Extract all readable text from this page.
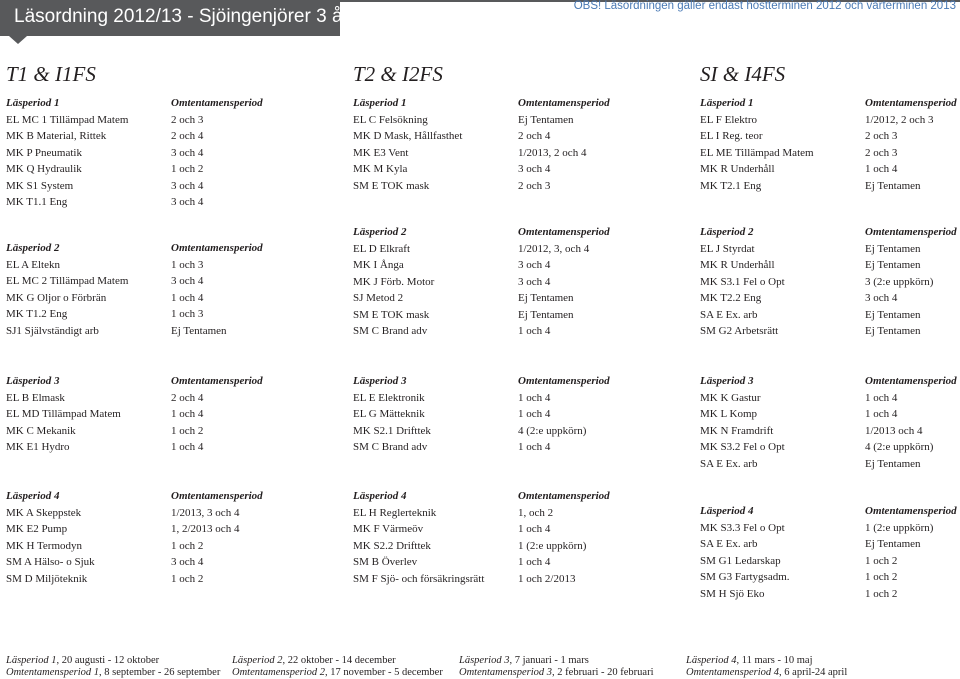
Läsordning 2012/13 - Sjöingenjörer 3 år	OBS! Läsordningen gäller endast höstterminen 2012 och vårterminen 2013
T1 & I1FS
Läsperiod 1	Omtentamensperiod
EL MC 1 Tillämpad Matem	2 och 3
MK B Material, Rittek	2 och 4
MK P Pneumatik	3 och 4
MK Q Hydraulik	1 och 2
MK S1 System	3 och 4
MK T1.1 Eng	3 och 4
Läsperiod 2	Omtentamensperiod
EL A Eltekn	1 och 3
EL MC 2 Tillämpad Matem	3 och 4
MK G Oljor o Förbrän	1 och 4
MK T1.2 Eng	1 och 3
SJ1 Självständigt arb	Ej Tentamen
Läsperiod 3	Omtentamensperiod
EL B Elmask	2 och 4
EL MD Tillämpad Matem	1 och 4
MK C Mekanik	1 och 2
MK E1 Hydro	1 och 4
Läsperiod 4	Omtentamensperiod
MK A Skeppstek	1/2013, 3 och 4
MK E2 Pump	1, 2/2013 och 4
MK H Termodyn	1 och 2
SM A Hälso- o Sjuk	3 och 4
SM D Miljöteknik	1 och 2
T2 & I2FS
Läsperiod 1	Omtentamensperiod
EL C Felsökning	Ej Tentamen
MK D Mask, Hållfasthet	2 och 4
MK E3 Vent	1/2013, 2 och 4
MK M Kyla	3 och 4
SM E TOK mask	2 och 3
Läsperiod 2	Omtentamensperiod
EL D Elkraft	1/2012, 3, och 4
MK I Ånga	3 och 4
MK J Förb. Motor	3 och 4
SJ Metod 2	Ej Tentamen
SM E TOK mask	Ej Tentamen
SM C Brand adv	1 och 4
Läsperiod 3	Omtentamensperiod
EL E Elektronik	1 och 4
EL G Mätteknik	1 och 4
MK S2.1 Drifttek	4 (2:e uppkörn)
SM C Brand adv	1 och 4
Läsperiod 4	Omtentamensperiod
EL H Reglerteknik	1, och 2
MK F Värmeöv	1 och 4
MK S2.2 Drifttek	1 (2:e uppkörn)
SM B Överlev	1 och 4
SM F Sjö- och försäkringsrätt	1 och 2/2013
SI & I4FS
Läsperiod 1	Omtentamensperiod
EL F Elektro	1/2012, 2 och 3
EL I Reg. teor	2 och 3
EL ME Tillämpad Matem	2 och 3
MK R Underhåll	1 och 4
MK T2.1 Eng	Ej Tentamen
Läsperiod 2	Omtentamensperiod
EL J Styrdat	Ej Tentamen
MK R Underhåll	Ej Tentamen
MK S3.1 Fel o Opt	3 (2:e uppkörn)
MK T2.2 Eng	3 och 4
SA E Ex. arb	Ej Tentamen
SM G2 Arbetsrätt	Ej Tentamen
Läsperiod 3	Omtentamensperiod
MK K Gastur	1 och 4
MK L Komp	1 och 4
MK N Framdrift	1/2013 och 4
MK S3.2 Fel o Opt	4 (2:e uppkörn)
SA E Ex. arb	Ej Tentamen
Läsperiod 4	Omtentamensperiod
MK S3.3 Fel o Opt	1 (2:e uppkörn)
SA E Ex. arb	Ej Tentamen
SM G1 Ledarskap	1 och 2
SM G3 Fartygsadm.	1 och 2
SM H Sjö Eko	1 och 2
Läsperiod 1, 20 augusti - 12 oktober
Omtentamensperiod 1, 8 september - 26 september
Läsperiod 2, 22 oktober - 14 december
Omtentamensperiod 2, 17 november - 5 december
Läsperiod 3, 7 januari - 1 mars
Omtentamensperiod 3, 2 februari - 20 februari
Läsperiod 4, 11 mars - 10 maj
Omtentamensperiod 4, 6 april-24 april
